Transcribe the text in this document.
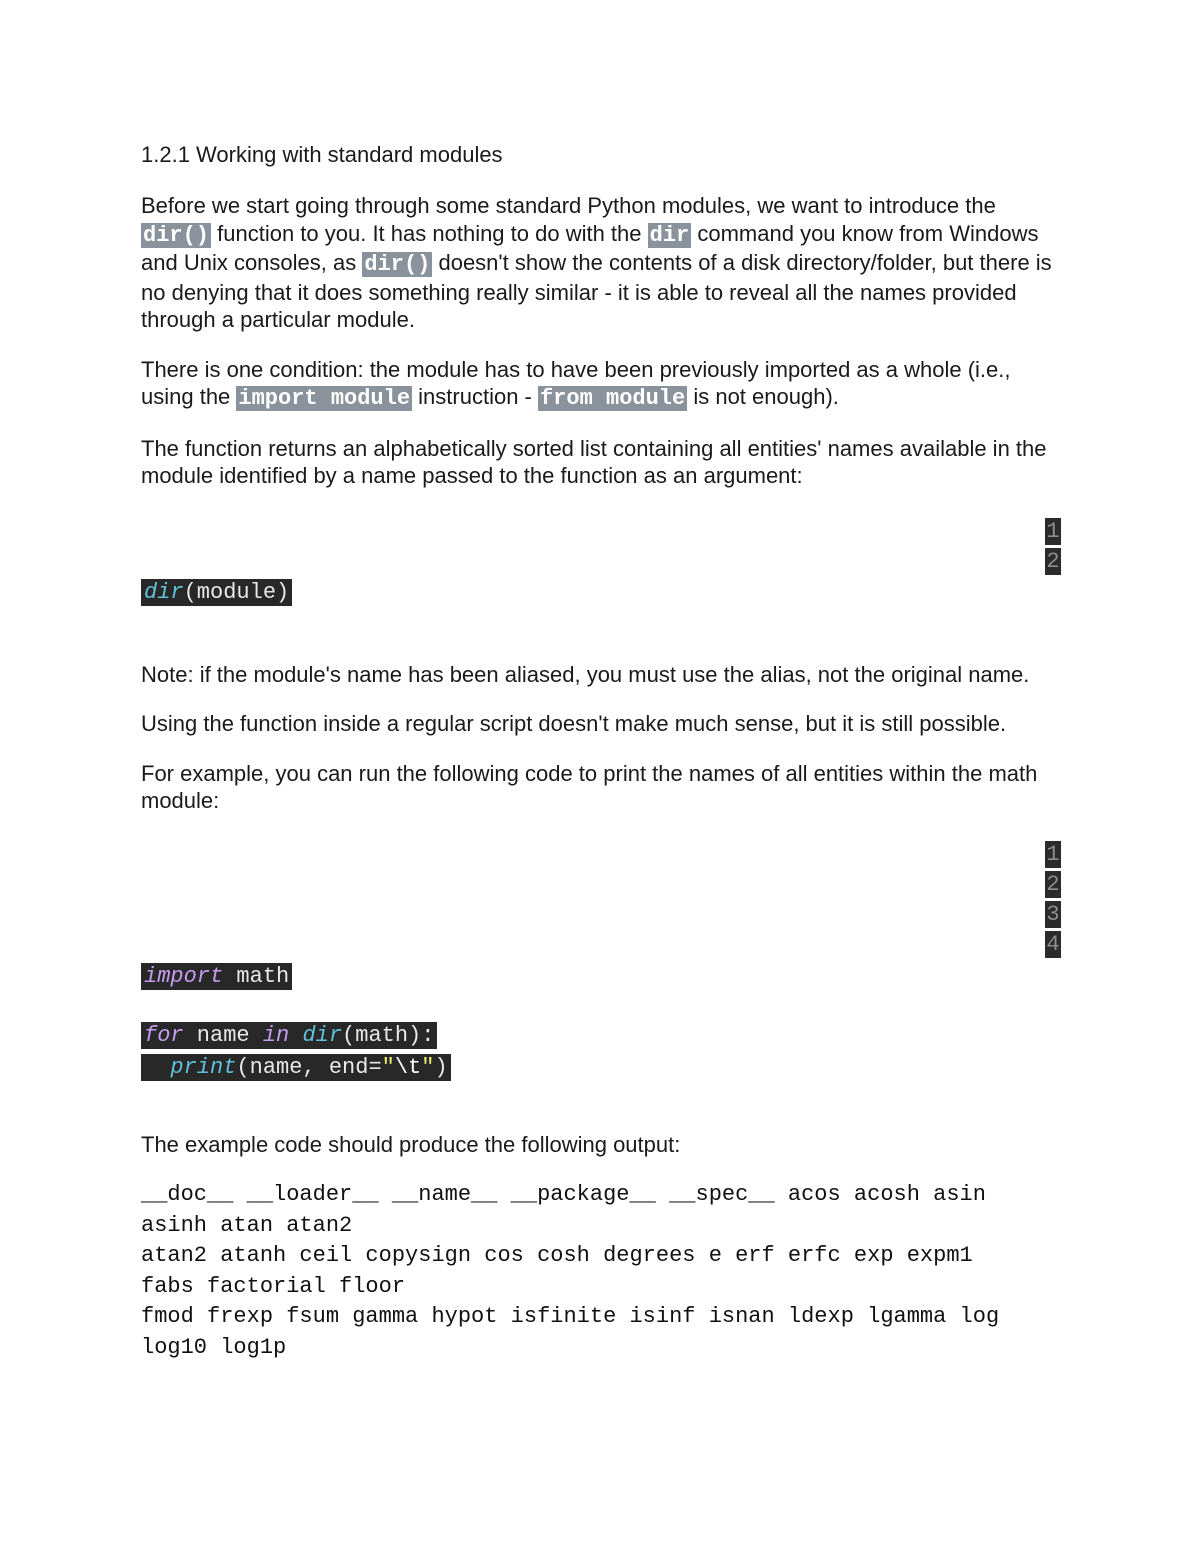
1.2.1 Working with standard modules

Before we start going through some standard Python modules, we want to introduce the dir() function to you. It has nothing to do with the dir command you know from Windows and Unix consoles, as dir() doesn't show the contents of a disk directory/folder, but there is no denying that it does something really similar - it is able to reveal all the names provided through a particular module.

There is one condition: the module has to have been previously imported as a whole (i.e., using the import module instruction - from module is not enough).

The function returns an alphabetically sorted list containing all entities' names available in the module identified by a name passed to the function as an argument:

1
2
dir(module)

Note: if the module's name has been aliased, you must use the alias, not the original name.

Using the function inside a regular script doesn't make much sense, but it is still possible.

For example, you can run the following code to print the names of all entities within the math module:

1
2
3
4
import math
for name in dir(math):
print(name, end="\t")

The example code should produce the following output:

__doc__ __loader__ __name__ __package__ __spec__ acos acosh asin
asinh atan atan2
atan2 atanh ceil copysign cos cosh degrees e erf erfc exp expm1
fabs factorial floor
fmod frexp fsum gamma hypot isfinite isinf isnan ldexp lgamma log
log10 log1p
